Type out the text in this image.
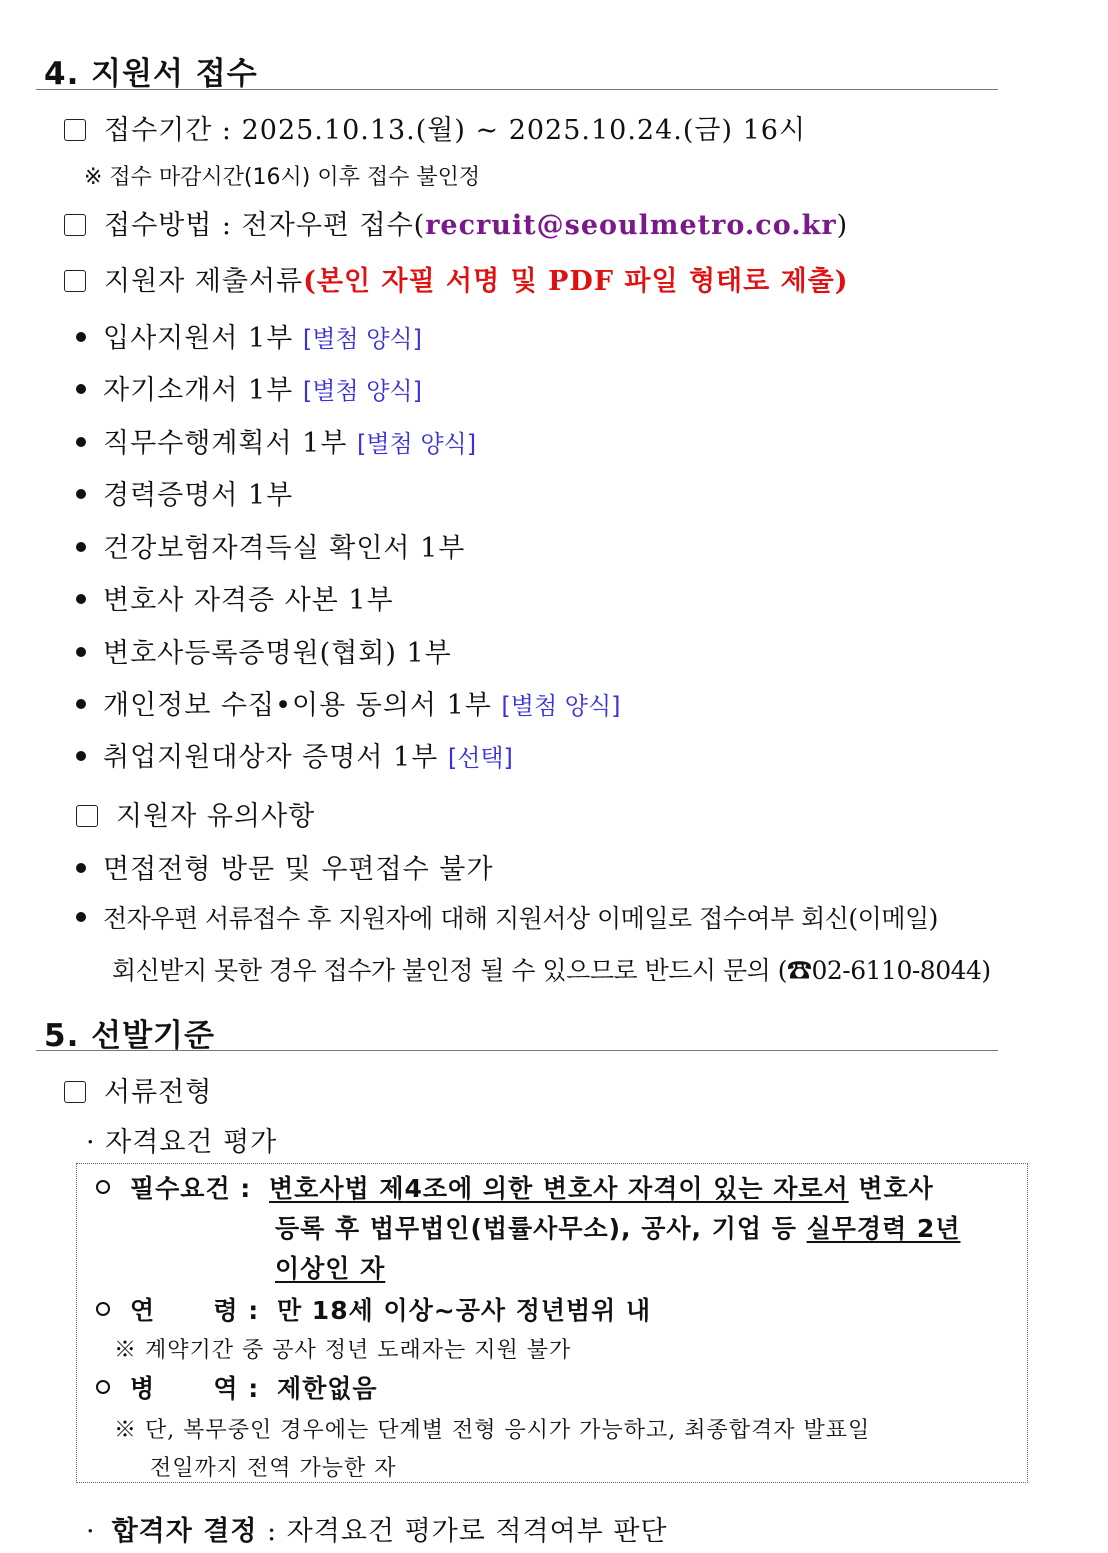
4. 지원서 접수
접수기간 : 2025.10.13.(월) ~ 2025.10.24.(금) 16시
※ 접수 마감시간(16시) 이후 접수 불인정
접수방법 : 전자우편 접수(recruit@seoulmetro.co.kr)
지원자 제출서류(본인 자필 서명 및 PDF 파일 형태로 제출)
입사지원서 1부 [별첨 양식]
자기소개서 1부 [별첨 양식]
직무수행계획서 1부 [별첨 양식]
경력증명서 1부
건강보험자격득실 확인서 1부
변호사 자격증 사본 1부
변호사등록증명원(협회) 1부
개인정보 수집•이용 동의서 1부 [별첨 양식]
취업지원대상자 증명서 1부 [선택]
지원자 유의사항
면접전형 방문 및 우편접수 불가
전자우편 서류접수 후 지원자에 대해 지원서상 이메일로 접수여부 회신(이메일)
회신받지 못한 경우 접수가 불인정 될 수 있으므로 반드시 문의 (☎02-6110-8044)
5. 선발기준
서류전형
· 자격요건 평가
필수요건 : 변호사법 제4조에 의한 변호사 자격이 있는 자로서 변호사
등록 후 법무법인(법률사무소), 공사, 기업 등 실무경력 2년
이상인 자
연      령 : 만 18세 이상~공사 정년범위 내
※ 계약기간 중 공사 정년 도래자는 지원 불가
병      역 : 제한없음
※ 단, 복무중인 경우에는 단계별 전형 응시가 가능하고, 최종합격자 발표일
전일까지 전역 가능한 자
· 합격자 결정 : 자격요건 평가로 적격여부 판단
